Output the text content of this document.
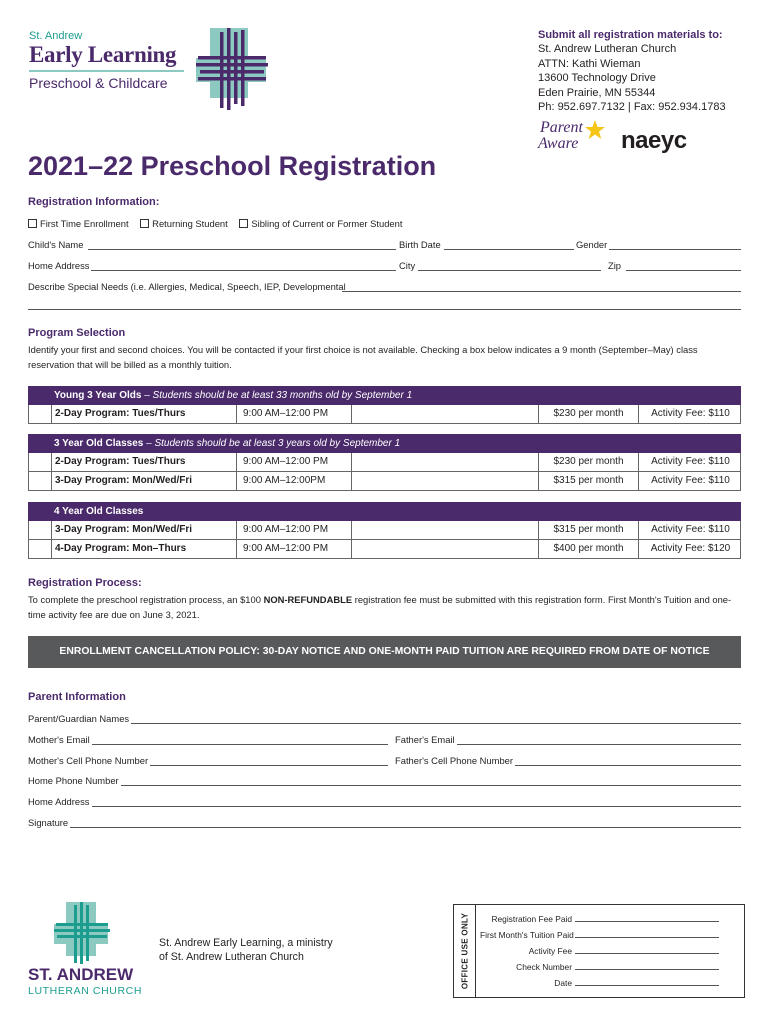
St. Andrew
Early Learning
Preschool & Childcare
Submit all registration materials to:
St. Andrew Lutheran Church
ATTN: Kathi Wieman
13600 Technology Drive
Eden Prairie, MN 55344
Ph: 952.697.7132 | Fax: 952.934.1783
Parent
Aware naeyc
2021–22 Preschool Registration
Registration Information:
First Time Enrollment	Returning Student	Sibling of Current or Former Student
Child's Name	Birth Date	Gender
Home Address	City	Zip
Describe Special Needs (i.e. Allergies, Medical, Speech, IEP, Developmental
Program Selection
Identify your first and second choices. You will be contacted if your first choice is not available. Checking a box below indicates a 9 month (September–May) class reservation that will be billed as a monthly tuition.
Young 3 Year Olds – Students should be at least 33 months old by September 1
2-Day Program: Tues/Thurs	9:00 AM–12:00 PM	$230 per month	Activity Fee: $110
3 Year Old Classes – Students should be at least 3 years old by September 1
2-Day Program: Tues/Thurs	9:00 AM–12:00 PM	$230 per month	Activity Fee: $110
3-Day Program: Mon/Wed/Fri	9:00 AM–12:00PM	$315 per month	Activity Fee: $110
4 Year Old Classes
3-Day Program: Mon/Wed/Fri	9:00 AM–12:00 PM	$315 per month	Activity Fee: $110
4-Day Program: Mon–Thurs	9:00 AM–12:00 PM	$400 per month	Activity Fee: $120
Registration Process:
To complete the preschool registration process, an $100 NON-REFUNDABLE registration fee must be submitted with this registration form. First Month's Tuition and one-time activity fee are due on June 3, 2021.
ENROLLMENT CANCELLATION POLICY: 30-DAY NOTICE AND ONE-MONTH PAID TUITION ARE REQUIRED FROM DATE OF NOTICE
Parent Information
Parent/Guardian Names
Mother's Email	Father's Email
Mother's Cell Phone Number	Father's Cell Phone Number
Home Phone Number
Home Address
Signature
ST. ANDREW
LUTHERAN CHURCH
St. Andrew Early Learning, a ministry
of St. Andrew Lutheran Church	OFFICE USE ONLY	Registration Fee Paid
First Month's Tuition Paid
Activity Fee
Check Number
Date
